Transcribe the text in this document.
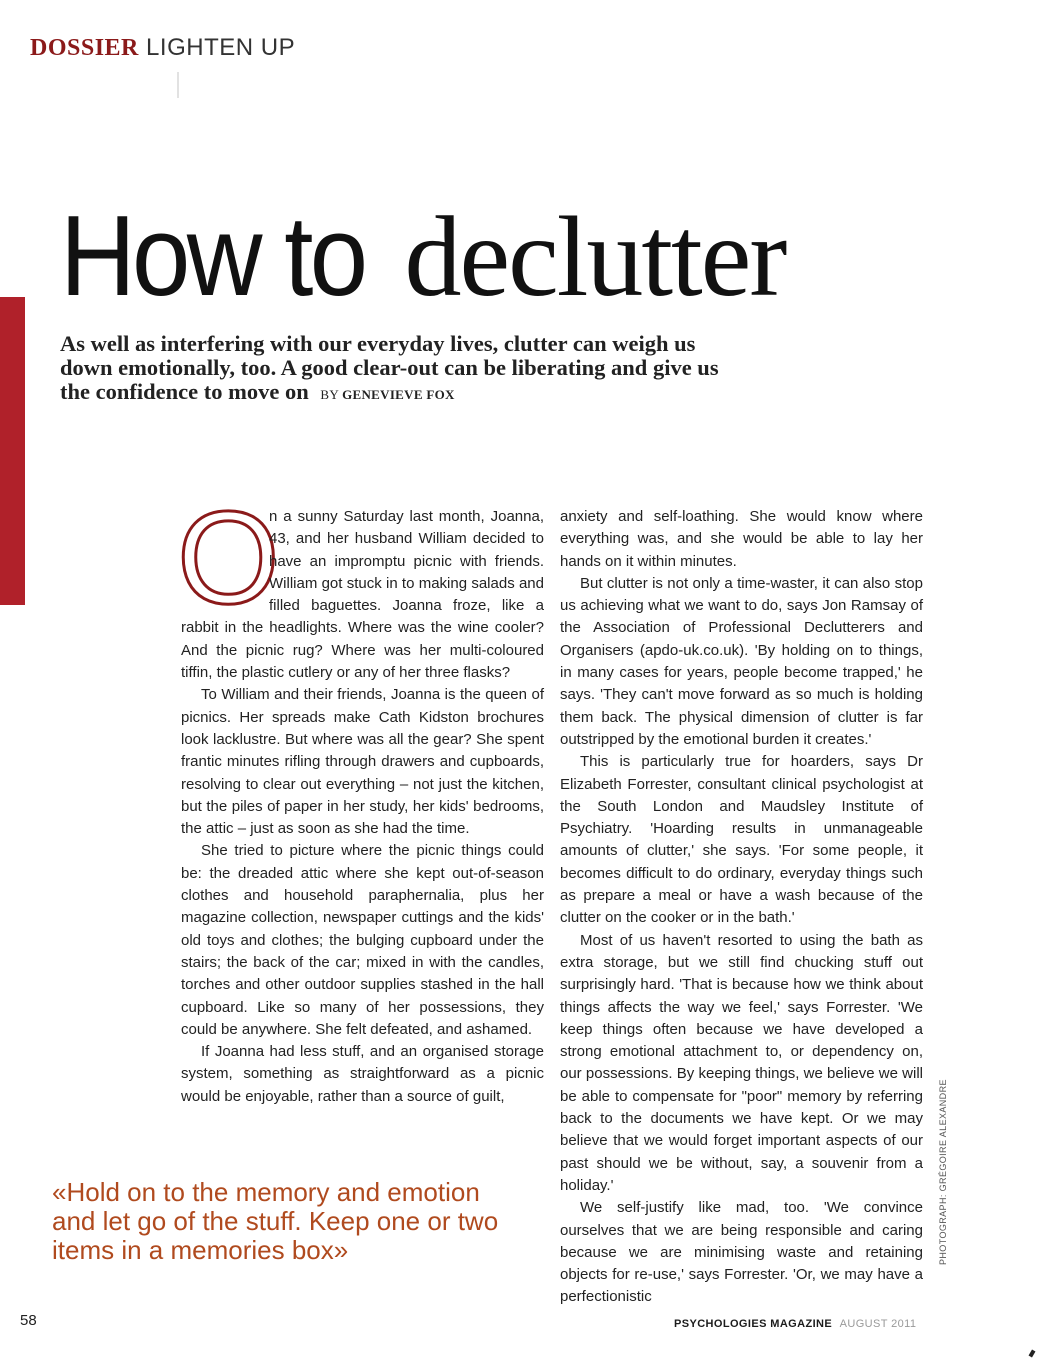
DOSSIER LIGHTEN UP
How to declutter
As well as interfering with our everyday lives, clutter can weigh us down emotionally, too. A good clear-out can be liberating and give us the confidence to move on BY GENEVIEVE FOX
O

n a sunny Saturday last month, Joanna, 43, and her husband William decided to have an impromptu picnic with friends. William got stuck in to making salads and filled baguettes. Joanna froze, like a rabbit in the headlights. Where was the wine cooler? And the picnic rug? Where was her multi-coloured tiffin, the plastic cutlery or any of her three flasks?

To William and their friends, Joanna is the queen of picnics. Her spreads make Cath Kidston brochures look lacklustre. But where was all the gear? She spent frantic minutes rifling through drawers and cupboards, resolving to clear out everything – not just the kitchen, but the piles of paper in her study, her kids' bedrooms, the attic – just as soon as she had the time.

She tried to picture where the picnic things could be: the dreaded attic where she kept out-of-season clothes and household paraphernalia, plus her magazine collection, newspaper cuttings and the kids' old toys and clothes; the bulging cupboard under the stairs; the back of the car; mixed in with the candles, torches and other outdoor supplies stashed in the hall cupboard. Like so many of her possessions, they could be anywhere. She felt defeated, and ashamed.

If Joanna had less stuff, and an organised storage system, something as straightforward as a picnic would be enjoyable, rather than a source of guilt,

anxiety and self-loathing. She would know where everything was, and she would be able to lay her hands on it within minutes.

But clutter is not only a time-waster, it can also stop us achieving what we want to do, says Jon Ramsay of the Association of Professional Declutterers and Organisers (apdo-uk.co.uk). 'By holding on to things, in many cases for years, people become trapped,' he says. 'They can't move forward as so much is holding them back. The physical dimension of clutter is far outstripped by the emotional burden it creates.'

This is particularly true for hoarders, says Dr Elizabeth Forrester, consultant clinical psychologist at the South London and Maudsley Institute of Psychiatry. 'Hoarding results in unmanageable amounts of clutter,' she says. 'For some people, it becomes difficult to do ordinary, everyday things such as prepare a meal or have a wash because of the clutter on the cooker or in the bath.'

Most of us haven't resorted to using the bath as extra storage, but we still find chucking stuff out surprisingly hard. 'That is because how we think about things affects the way we feel,' says Forrester. 'We keep things often because we have developed a strong emotional attachment to, or dependency on, our possessions. By keeping things, we believe we will be able to compensate for "poor" memory by referring back to the documents we have kept. Or we may believe that we would forget important aspects of our past should we be without, say, a souvenir from a holiday.'

We self-justify like mad, too. 'We convince ourselves that we are being responsible and caring because we are minimising waste and retaining objects for re-use,' says Forrester. 'Or, we may have a perfectionistic

«Hold on to the memory and emotion and let go of the stuff. Keep one or two items in a memories box»	PHOTOGRAPH: GRÉGOIRE ALEXANDRE
58	PSYCHOLOGIES MAGAZINE AUGUST 2011
